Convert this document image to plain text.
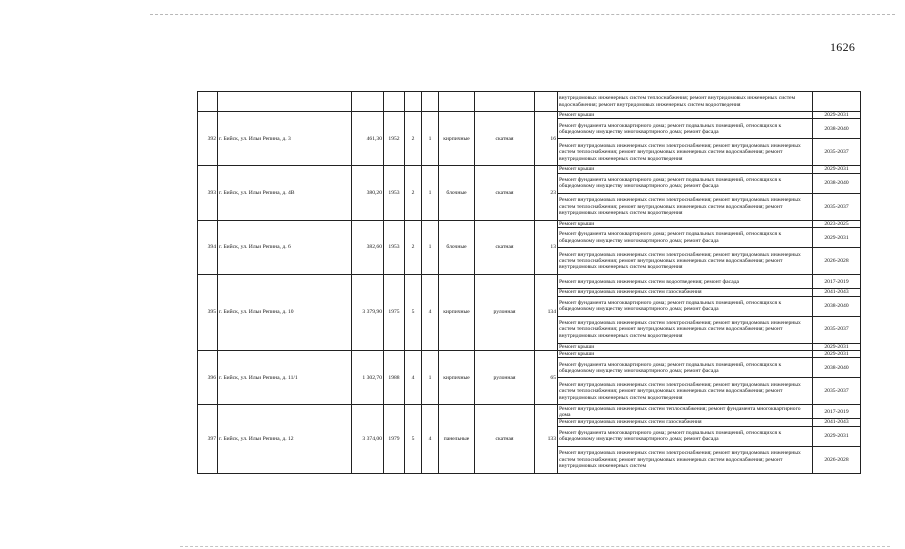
1626
									внутридомовых инженерных систем теплоснабжения; ремонт внутридомовых инженерных систем водоснабжения; ремонт внутридомовых инженерных систем водоотведения	
392	г. Бийск, ул. Ильи Репина, д. 3	461,30	1952	2	1	кирпичные	скатная	16	Ремонт крыши	2029-2031
									Ремонт фундамента многоквартирного дома; ремонт подвальных помещений, относящихся к общедомовому имуществу многоквартирного дома; ремонт фасада	2038-2040
									Ремонт внутридомовых инженерных систем электроснабжения; ремонт внутридомовых инженерных систем теплоснабжения; ремонт внутридомовых инженерных систем водоснабжения; ремонт внутридомовых инженерных систем водоотведения	2035-2037
393	г. Бийск, ул. Ильи Репина, д. 4В	380,20	1953	2	1	блочные	скатная	23	Ремонт крыши	2029-2031
									Ремонт фундамента многоквартирного дома; ремонт подвальных помещений, относящихся к общедомовому имуществу многоквартирного дома; ремонт фасада	2038-2040
									Ремонт внутридомовых инженерных систем электроснабжения; ремонт внутридомовых инженерных систем теплоснабжения; ремонт внутридомовых инженерных систем водоснабжения; ремонт внутридомовых инженерных систем водоотведения	2035-2037
394	г. Бийск, ул. Ильи Репина, д. 6	382,60	1953	2	1	блочные	скатная	13	Ремонт крыши	2023-2025
									Ремонт фундамента многоквартирного дома; ремонт подвальных помещений, относящихся к общедомовому имуществу многоквартирного дома; ремонт фасада	2029-2031
									Ремонт внутридомовых инженерных систем электроснабжения; ремонт внутридомовых инженерных систем теплоснабжения; ремонт внутридомовых инженерных систем водоснабжения; ремонт внутридомовых инженерных систем водоотведения	2026-2028
395	г. Бийск, ул. Ильи Репина, д. 10	3 379,90	1975	5	4	кирпичные	рулонная	134	Ремонт внутридомовых инженерных систем водоотведения; ремонт фасада	2017-2019
									Ремонт внутридомовых инженерных систем газоснабжения	2041-2043
									Ремонт фундамента многоквартирного дома; ремонт подвальных помещений, относящихся к общедомовому имуществу многоквартирного дома; ремонт фасада	2038-2040
									Ремонт внутридомовых инженерных систем электроснабжения; ремонт внутридомовых инженерных систем теплоснабжения; ремонт внутридомовых инженерных систем водоснабжения; ремонт внутридомовых инженерных систем водоотведения	2035-2037
									Ремонт крыши	2029-2031
396	г. Бийск, ул. Ильи Репина, д. 11/1	1 302,70	1988	4	1	кирпичные	рулонная	65	Ремонт крыши	2029-2031
									Ремонт фундамента многоквартирного дома; ремонт подвальных помещений, относящихся к общедомовому имуществу многоквартирного дома; ремонт фасада	2038-2040
									Ремонт внутридомовых инженерных систем электроснабжения; ремонт внутридомовых инженерных систем теплоснабжения; ремонт внутридомовых инженерных систем водоснабжения; ремонт внутридомовых инженерных систем водоотведения	2035-2037
397	г. Бийск, ул. Ильи Репина, д. 12	3 374,00	1979	5	4	панельные	скатная	133	Ремонт внутридомовых инженерных систем теплоснабжения; ремонт фундамента многоквартирного дома	2017-2019
									Ремонт внутридомовых инженерных систем газоснабжения	2041-2043
									Ремонт фундамента многоквартирного дома; ремонт подвальных помещений, относящихся к общедомовому имуществу многоквартирного дома; ремонт фасада	2029-2031
									Ремонт внутридомовых инженерных систем электроснабжения; ремонт внутридомовых инженерных систем теплоснабжения; ремонт внутридомовых инженерных систем водоснабжения; ремонт внутридомовых инженерных систем	2026-2028
